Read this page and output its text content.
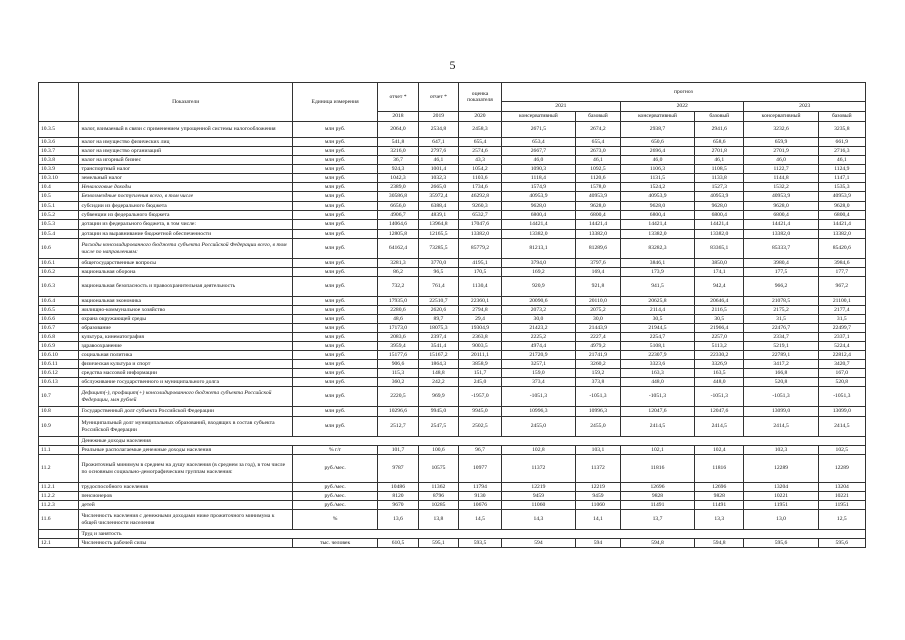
5
	Показатели	Единица измерения	отчет *	отчет *	оценка показателя	прогноз					
						2021		2022		2023	
			2018	2019	2020	консервативный	базовый	консервативный	базовый	консервативный	базовый
10.3.5	налог, взимаемый в связи с применением упрощенной системы налогообложения	млн руб.	2064,0	2534,8	2458,3	2671,5	2674,2	2938,7	2941,6	3232,6	3235,8
10.3.6	налог на имущество физических лиц	млн руб.	541,8	647,1	655,4	653,4	655,4	650,6	658,6	659,9	661,9
10.3.7	налог на имущество организаций	млн руб.	3216,0	2797,6	2574,6	2667,7	2673,0	2696,4	2701,8	2701,9	2716,3
10.3.8	налог на игорный бизнес	млн руб.	36,7	46,1	43,3	46,0	46,1	46,0	46,1	46,0	46,1
10.3.9	транспортный налог	млн руб.	924,3	1001,4	1054,2	1090,3	1092,5	1106,3	1108,5	1122,7	1124,9
10.3.10	земельный налог	млн руб.	1042,3	1032,3	1103,6	1118,4	1120,6	1131,5	1133,8	1144,8	1147,1
10.4	Неналоговые доходы	млн руб.	2389,0	2665,0	1734,6	1574,9	1578,0	1524,2	1527,3	1532,2	1535,3
10.5	Безвозмездные поступления всего, в том числе	млн руб.	30586,8	35972,4	46292,8	40953,9	40953,9	40953,9	40953,9	40953,9	40953,9
10.5.1	субсидии из федерального бюджета	млн руб.	6656,0	6388,4	9260,3	9628,0	9628,0	9628,0	9628,0	9628,0	9628,0
10.5.2	субвенции из федерального бюджета	млн руб.	4906,7	4839,1	6532,7	6800,4	6800,4	6800,4	6800,4	6800,4	6800,4
10.5.3	дотации из федерального бюджета, в том числе:	млн руб.	14064,6	13964,8	17047,6	14421,4	14421,4	14421,4	14421,4	14421,4	14421,4
10.5.4	дотации на выравнивание бюджетной обеспеченности	млн руб.	12805,8	12165,5	13382,0	13382,0	13382,0	13382,0	13382,0	13382,0	13382,0
10.6	Расходы консолидированного бюджета субъекта Российской Федерации всего, в том числе по направлениям:	млн руб.	64162,4	73285,5	85779,2	81213,1	81289,6	83282,3	83365,1	85333,7	85420,6
10.6.1	общегосударственные вопросы	млн руб.	3281,3	3770,0	4195,1	3794,0	3797,6	3846,1	3850,0	3980,4	3984,6
10.6.2	национальная оборона	млн руб.	86,2	96,5	170,5	169,2	169,4	173,9	174,1	177,5	177,7
10.6.3	национальная безопасность и правоохранительная деятельность	млн руб.	732,2	761,4	1130,4	920,9	921,8	941,5	942,4	966,2	967,2
10.6.4	национальная экономика	млн руб.	17935,0	22510,7	22360,1	20090,6	20110,0	20625,8	20646,4	21078,5	21100,1
10.6.5	жилищно-коммунальное хозяйство	млн руб.	2280,6	2620,6	2794,8	2073,2	2075,2	2114,4	2116,5	2175,2	2177,4
10.6.6	охрана окружающей среды	млн руб.	48,6	89,7	29,4	30,0	30,0	30,5	30,5	31,5	31,5
10.6.7	образование	млн руб.	17173,0	18075,3	19304,9	21423,2	21443,9	21944,5	21966,4	22476,7	22499,7
10.6.8	культура, кинематография	млн руб.	2083,6	2397,4	2363,8	2225,2	2227,4	2254,7	2257,0	2334,7	2337,1
10.6.9	здравоохранение	млн руб.	3959,4	3541,4	9003,5	4974,4	4979,2	5108,1	5113,2	5219,1	5224,4
10.6.10	социальная политика	млн руб.	15177,6	15167,2	20111,1	21720,9	21741,9	22307,9	22330,2	22789,1	22812,4
10.6.11	физическая культура и спорт	млн руб.	906,6	1864,3	3858,9	3257,1	3260,2	3323,6	3326,9	3417,2	3420,7
10.6.12	средства массовой информации	млн руб.	115,3	148,8	151,7	159,0	159,2	163,3	163,5	166,8	167,0
10.6.13	обслуживание государственного и муниципального долга	млн руб.	360,2	242,2	245,0	373,4	373,8	448,0	448,0	520,8	520,8
10.7	Дефицит(-), профицит(+) консолидированного бюджета субъекта Российской Федерации, млн рублей	млн руб.	2220,5	969,9	-1957,0	-1051,3	-1051,3	-1051,3	-1051,3	-1051,3	-1051,3
10.8	Государственный долг субъекта Российской Федерации	млн руб.	10296,6	9945,0	9945,0	10996,3	10996,3	12047,6	12047,6	13099,0	13099,0
10.9	Муниципальный долг муниципальных образований, входящих в состав субъекта Российской Федерации	млн руб.	2512,7	2547,5	2502,5	2455,0	2455,0	2414,5	2414,5	2414,5	2414,5
	Денежные доходы населения										
11.1	Реальные располагаемые денежные доходы населения	% г/г	101,7	100,6	96,7	102,8	103,1	102,1	102,4	102,3	102,5
11.2	Прожиточный минимум в среднем на душу населения (в среднем за год), в том числе по основным социально-демографическим группам населения:	руб./мес.	9787	10575	10977	11372	11372	11816	11816	12289	12289
11.2.1	трудоспособного населения	руб./мес.	10486	11362	11794	12219	12219	12696	12696	13204	13204
11.2.2	пенсионеров	руб./мес.	8120	8796	9130	9459	9459	9828	9828	10221	10221
11.2.3	детей	руб./мес.	9670	10285	10676	11060	11060	11491	11491	11951	11951
11.6	Численность населения с денежными доходами ниже прожиточного минимума к общей численности населения	%	13,6	13,8	14,5	14,3	14,1	13,7	13,3	13,0	12,5
	Труд и занятость										
12.1	Численность рабочей силы	тыс. человек	610,5	595,1	593,5	594	594	594,8	594,8	595,6	595,6
